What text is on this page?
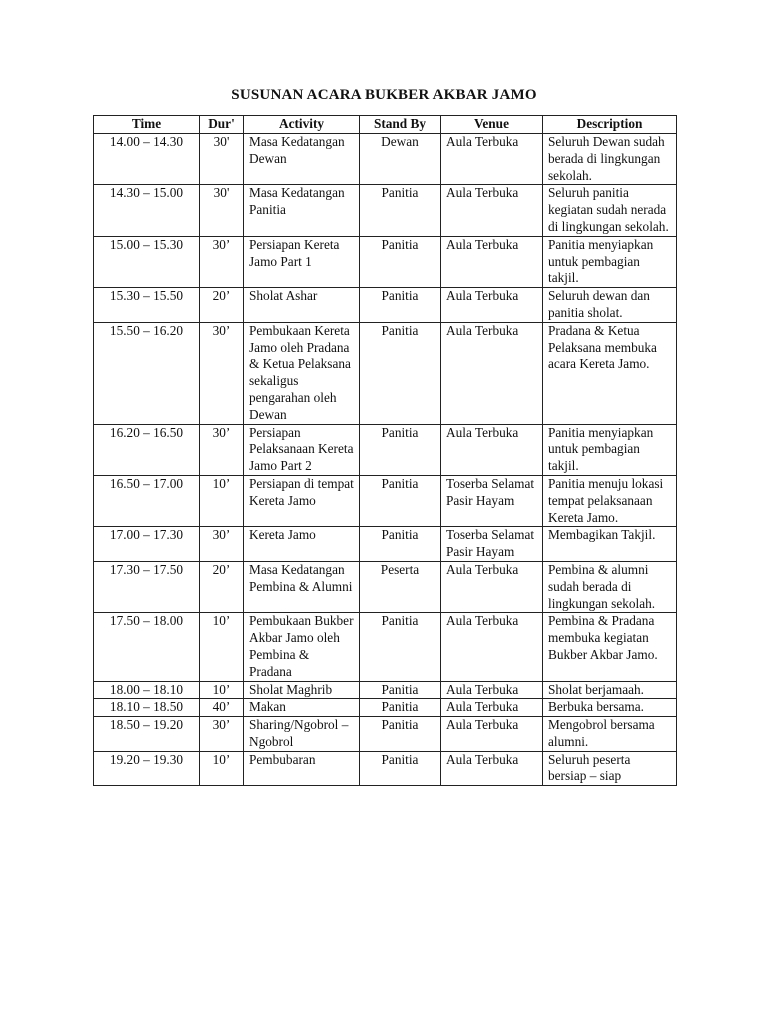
SUSUNAN ACARA BUKBER AKBAR JAMO
Time	Dur'	Activity	Stand By	Venue	Description
14.00 – 14.30	30'	Masa Kedatangan Dewan	Dewan	Aula Terbuka	Seluruh Dewan sudah berada di lingkungan sekolah.
14.30 – 15.00	30'	Masa Kedatangan Panitia	Panitia	Aula Terbuka	Seluruh panitia kegiatan sudah nerada di lingkungan sekolah.
15.00 – 15.30	30’	Persiapan Kereta Jamo Part 1	Panitia	Aula Terbuka	Panitia menyiapkan untuk pembagian takjil.
15.30 – 15.50	20’	Sholat Ashar	Panitia	Aula Terbuka	Seluruh dewan dan panitia sholat.
15.50 – 16.20	30’	Pembukaan Kereta Jamo oleh Pradana & Ketua Pelaksana sekaligus pengarahan oleh Dewan	Panitia	Aula Terbuka	Pradana & Ketua Pelaksana membuka acara Kereta Jamo.
16.20 – 16.50	30’	Persiapan Pelaksanaan Kereta Jamo Part 2	Panitia	Aula Terbuka	Panitia menyiapkan untuk pembagian takjil.
16.50 – 17.00	10’	Persiapan di tempat Kereta Jamo	Panitia	Toserba Selamat Pasir Hayam	Panitia menuju lokasi tempat pelaksanaan Kereta Jamo.
17.00 – 17.30	30’	Kereta Jamo	Panitia	Toserba Selamat Pasir Hayam	Membagikan Takjil.
17.30 – 17.50	20’	Masa Kedatangan Pembina & Alumni	Peserta	Aula Terbuka	Pembina & alumni sudah berada di lingkungan sekolah.
17.50 – 18.00	10’	Pembukaan Bukber Akbar Jamo oleh Pembina & Pradana	Panitia	Aula Terbuka	Pembina & Pradana membuka kegiatan Bukber Akbar Jamo.
18.00 – 18.10	10’	Sholat Maghrib	Panitia	Aula Terbuka	Sholat berjamaah.
18.10 – 18.50	40’	Makan	Panitia	Aula Terbuka	Berbuka bersama.
18.50 – 19.20	30’	Sharing/Ngobrol – Ngobrol	Panitia	Aula Terbuka	Mengobrol bersama alumni.
19.20 – 19.30	10’	Pembubaran	Panitia	Aula Terbuka	Seluruh peserta bersiap – siap
